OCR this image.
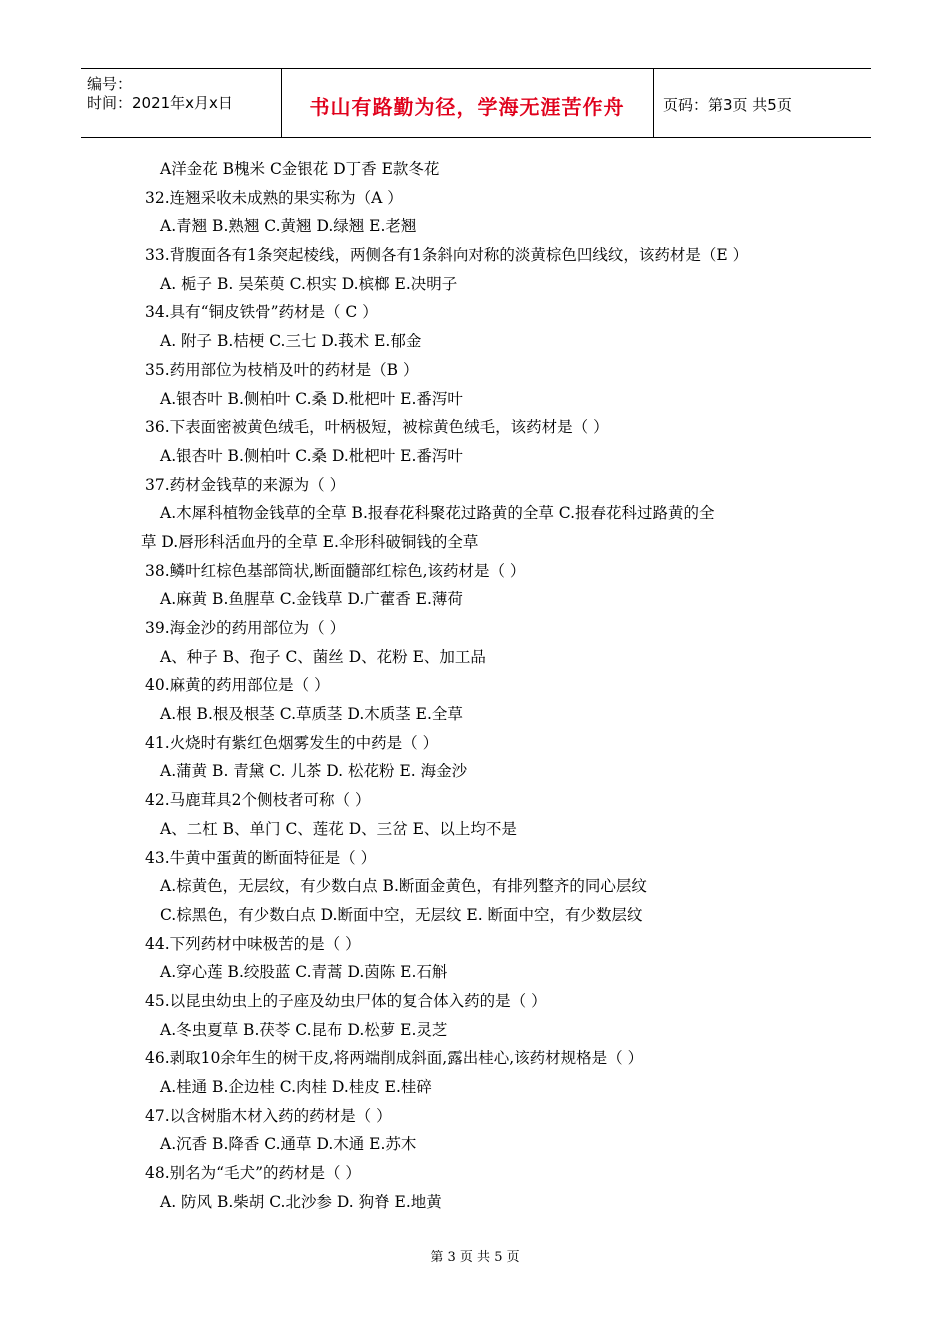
编号：
时间：2021年x月x日	书山有路勤为径，学海无涯苦作舟	页码：第3页 共5页
A洋金花 B槐米 C金银花 D丁香 E款冬花
32.连翘采收未成熟的果实称为（A ）
A.青翘 B.熟翘 C.黄翘 D.绿翘 E.老翘
33.背腹面各有1条突起棱线，两侧各有1条斜向对称的淡黄棕色凹线纹，该药材是（E ）
A. 栀子 B. 吴茱萸 C.枳实 D.槟榔 E.决明子
34.具有“铜皮铁骨”药材是（ C ）
A. 附子 B.桔梗 C.三七 D.莪术 E.郁金
35.药用部位为枝梢及叶的药材是（B ）
A.银杏叶 B.侧柏叶 C.桑 D.枇杷叶 E.番泻叶
36.下表面密被黄色绒毛，叶柄极短，被棕黄色绒毛，该药材是（ ）
A.银杏叶 B.侧柏叶 C.桑 D.枇杷叶 E.番泻叶
37.药材金钱草的来源为（ ）
A.木犀科植物金钱草的全草 B.报春花科聚花过路黄的全草 C.报春花科过路黄的全
草 D.唇形科活血丹的全草 E.伞形科破铜钱的全草
38.鳞叶红棕色基部筒状,断面髓部红棕色,该药材是（ ）
A.麻黄 B.鱼腥草 C.金钱草 D.广藿香 E.薄荷
39.海金沙的药用部位为（ ）
A、种子 B、孢子 C、菌丝 D、花粉 E、加工品
40.麻黄的药用部位是（ ）
A.根 B.根及根茎 C.草质茎 D.木质茎 E.全草
41.火烧时有紫红色烟雾发生的中药是（ ）
A.蒲黄 B. 青黛 C. 儿茶 D. 松花粉 E. 海金沙
42.马鹿茸具2个侧枝者可称（ ）
A、二杠 B、单门 C、莲花 D、三岔 E、以上均不是
43.牛黄中蛋黄的断面特征是（ ）
A.棕黄色，无层纹，有少数白点 B.断面金黄色，有排列整齐的同心层纹
C.棕黑色，有少数白点 D.断面中空，无层纹 E. 断面中空，有少数层纹
44.下列药材中味极苦的是（ ）
A.穿心莲 B.绞股蓝 C.青蒿 D.茵陈 E.石斛
45.以昆虫幼虫上的子座及幼虫尸体的复合体入药的是（ ）
A.冬虫夏草 B.茯苓 C.昆布 D.松萝 E.灵芝
46.剥取10余年生的树干皮,将两端削成斜面,露出桂心,该药材规格是（ ）
A.桂通 B.企边桂 C.肉桂 D.桂皮 E.桂碎
47.以含树脂木材入药的药材是（ ）
A.沉香 B.降香 C.通草 D.木通 E.苏木
48.别名为“毛犬”的药材是（ ）
A. 防风 B.柴胡 C.北沙参 D. 狗脊 E.地黄
第 3 页 共 5 页
